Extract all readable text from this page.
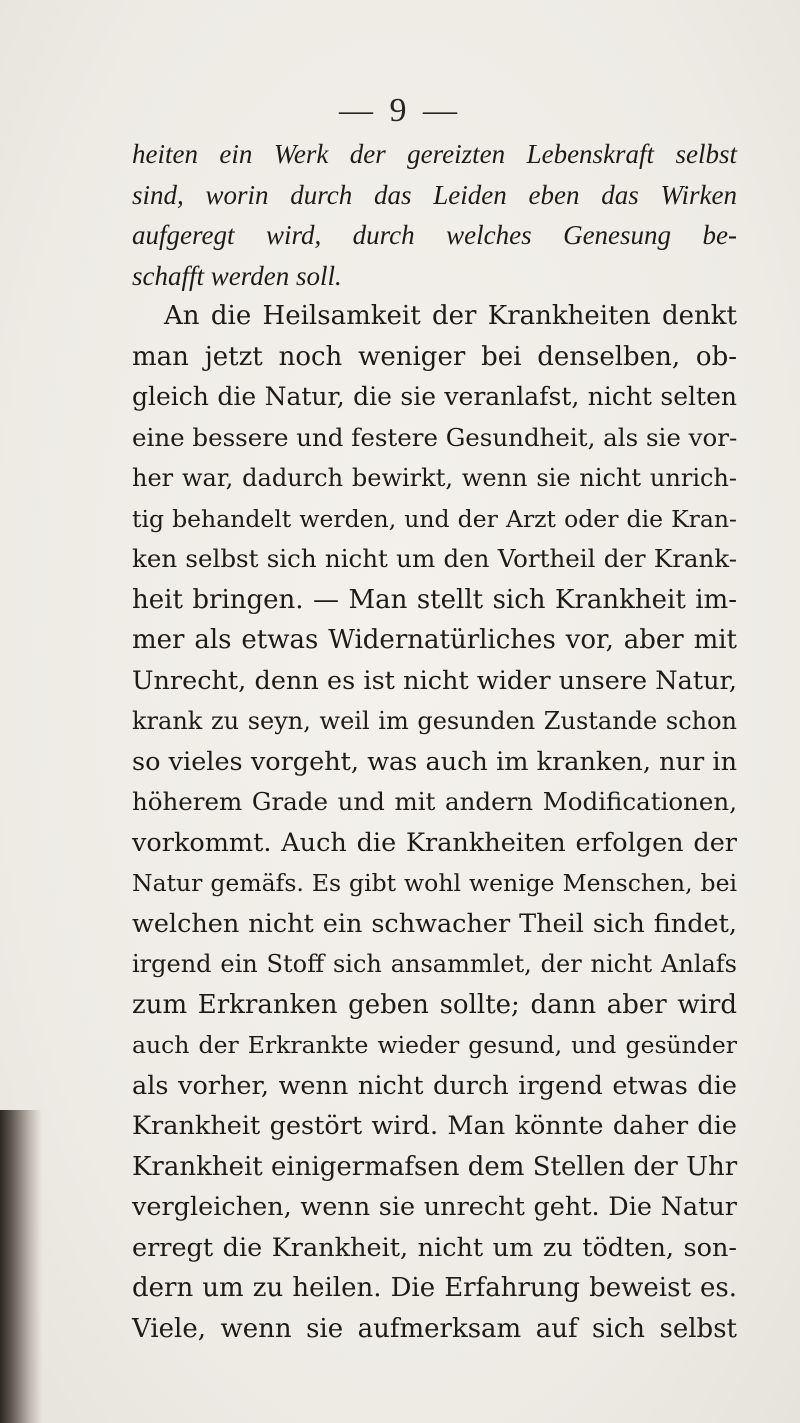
— 9 —
heiten ein Werk der gereizten Lebenskraft selbst
sind, worin durch das Leiden eben das Wirken
aufgeregt wird, durch welches Genesung be-
schafft werden soll.
An die Heilsamkeit der Krankheiten denkt
man jetzt noch weniger bei denselben, ob-
gleich die Natur, die sie veranlafst, nicht selten
eine bessere und festere Gesundheit, als sie vor-
her war, dadurch bewirkt, wenn sie nicht unrich-
tig behandelt werden, und der Arzt oder die Kran-
ken selbst sich nicht um den Vortheil der Krank-
heit bringen. — Man stellt sich Krankheit im-
mer als etwas Widernatürliches vor, aber mit
Unrecht, denn es ist nicht wider unsere Natur,
krank zu seyn, weil im gesunden Zustande schon
so vieles vorgeht, was auch im kranken, nur in
höherem Grade und mit andern Modificationen,
vorkommt. Auch die Krankheiten erfolgen der
Natur gemäfs. Es gibt wohl wenige Menschen, bei
welchen nicht ein schwacher Theil sich findet,
irgend ein Stoff sich ansammlet, der nicht Anlafs
zum Erkranken geben sollte; dann aber wird
auch der Erkrankte wieder gesund, und gesünder
als vorher, wenn nicht durch irgend etwas die
Krankheit gestört wird. Man könnte daher die
Krankheit einigermafsen dem Stellen der Uhr
vergleichen, wenn sie unrecht geht. Die Natur
erregt die Krankheit, nicht um zu tödten, son-
dern um zu heilen. Die Erfahrung beweist es.
Viele, wenn sie aufmerksam auf sich selbst
